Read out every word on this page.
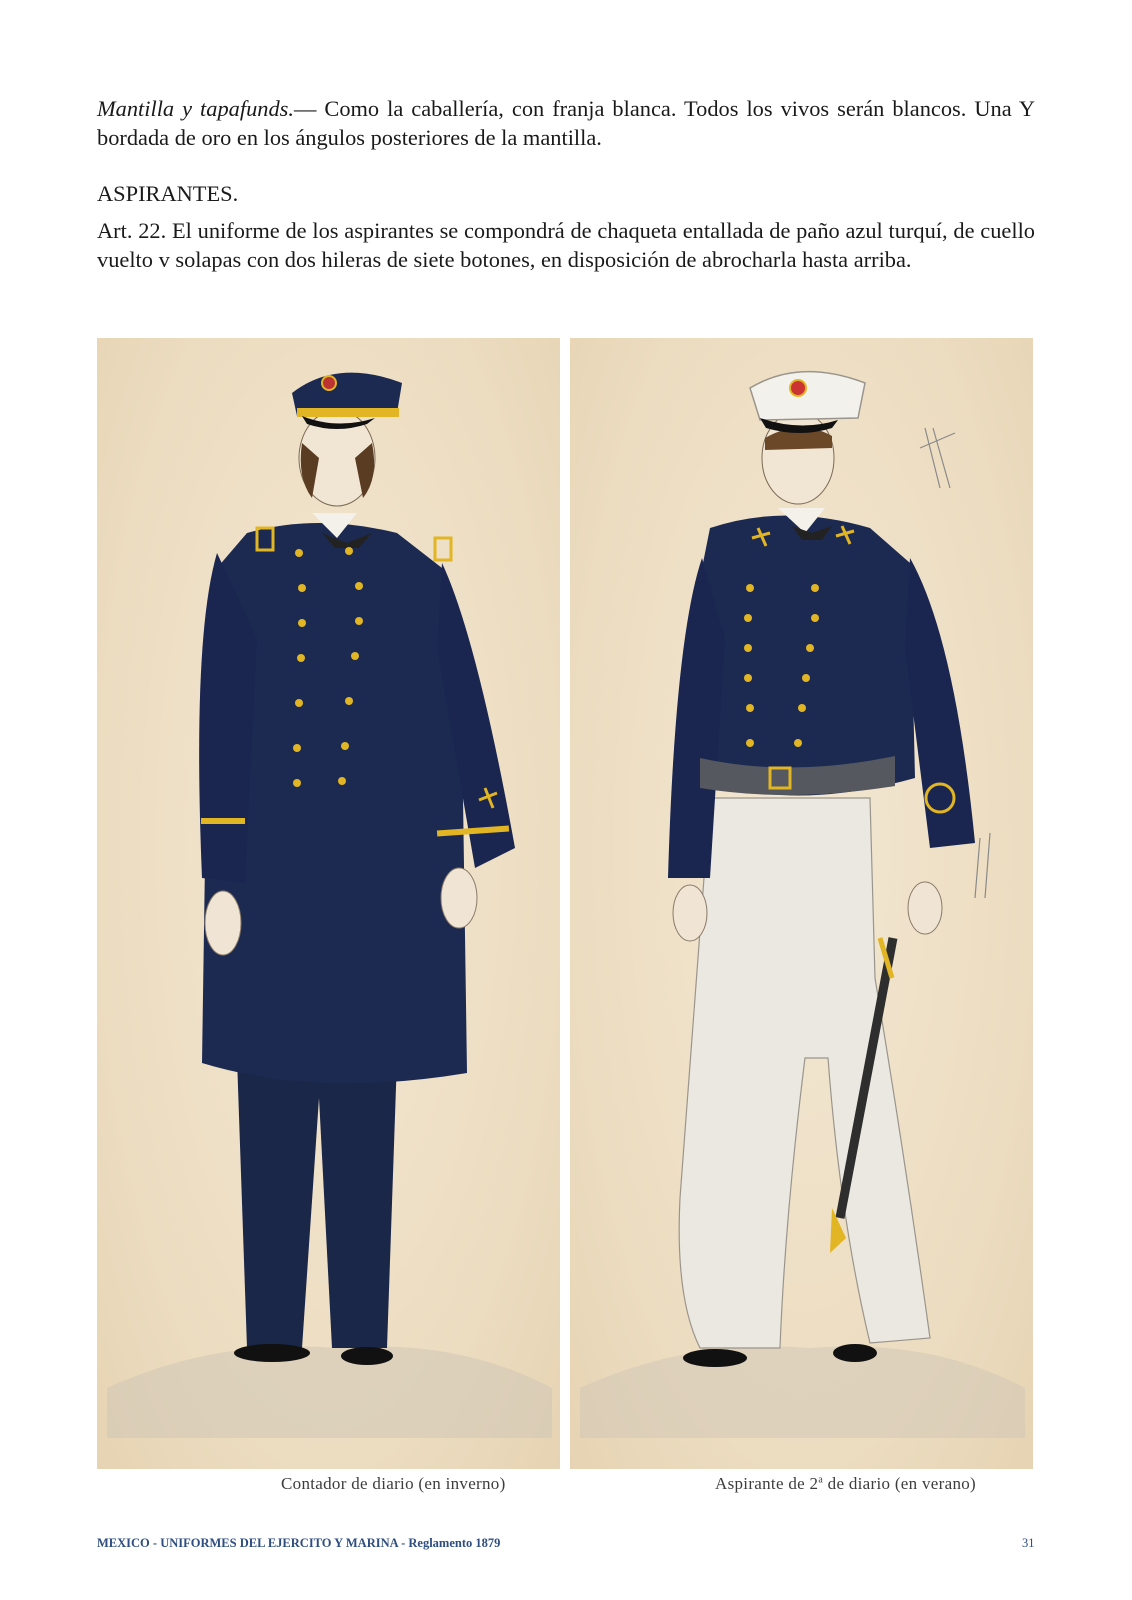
Mantilla y tapafunds.— Como la caballería, con franja blanca. Todos los vivos serán blancos. Una Y bordada de oro en los ángulos posteriores de la mantilla.

ASPIRANTES.

Art. 22. El uniforme de los aspirantes se compondrá de chaqueta entallada de paño azul turquí, de cuello vuelto v solapas con dos hileras de siete botones, en disposición de abrocharla hasta arriba.

Contador de diario (en inverno)	Aspirante de 2$^a$ de diario (en verano)
MEXICO - UNIFORMES DEL EJERCITO Y MARINA - Reglamento 1879	31
